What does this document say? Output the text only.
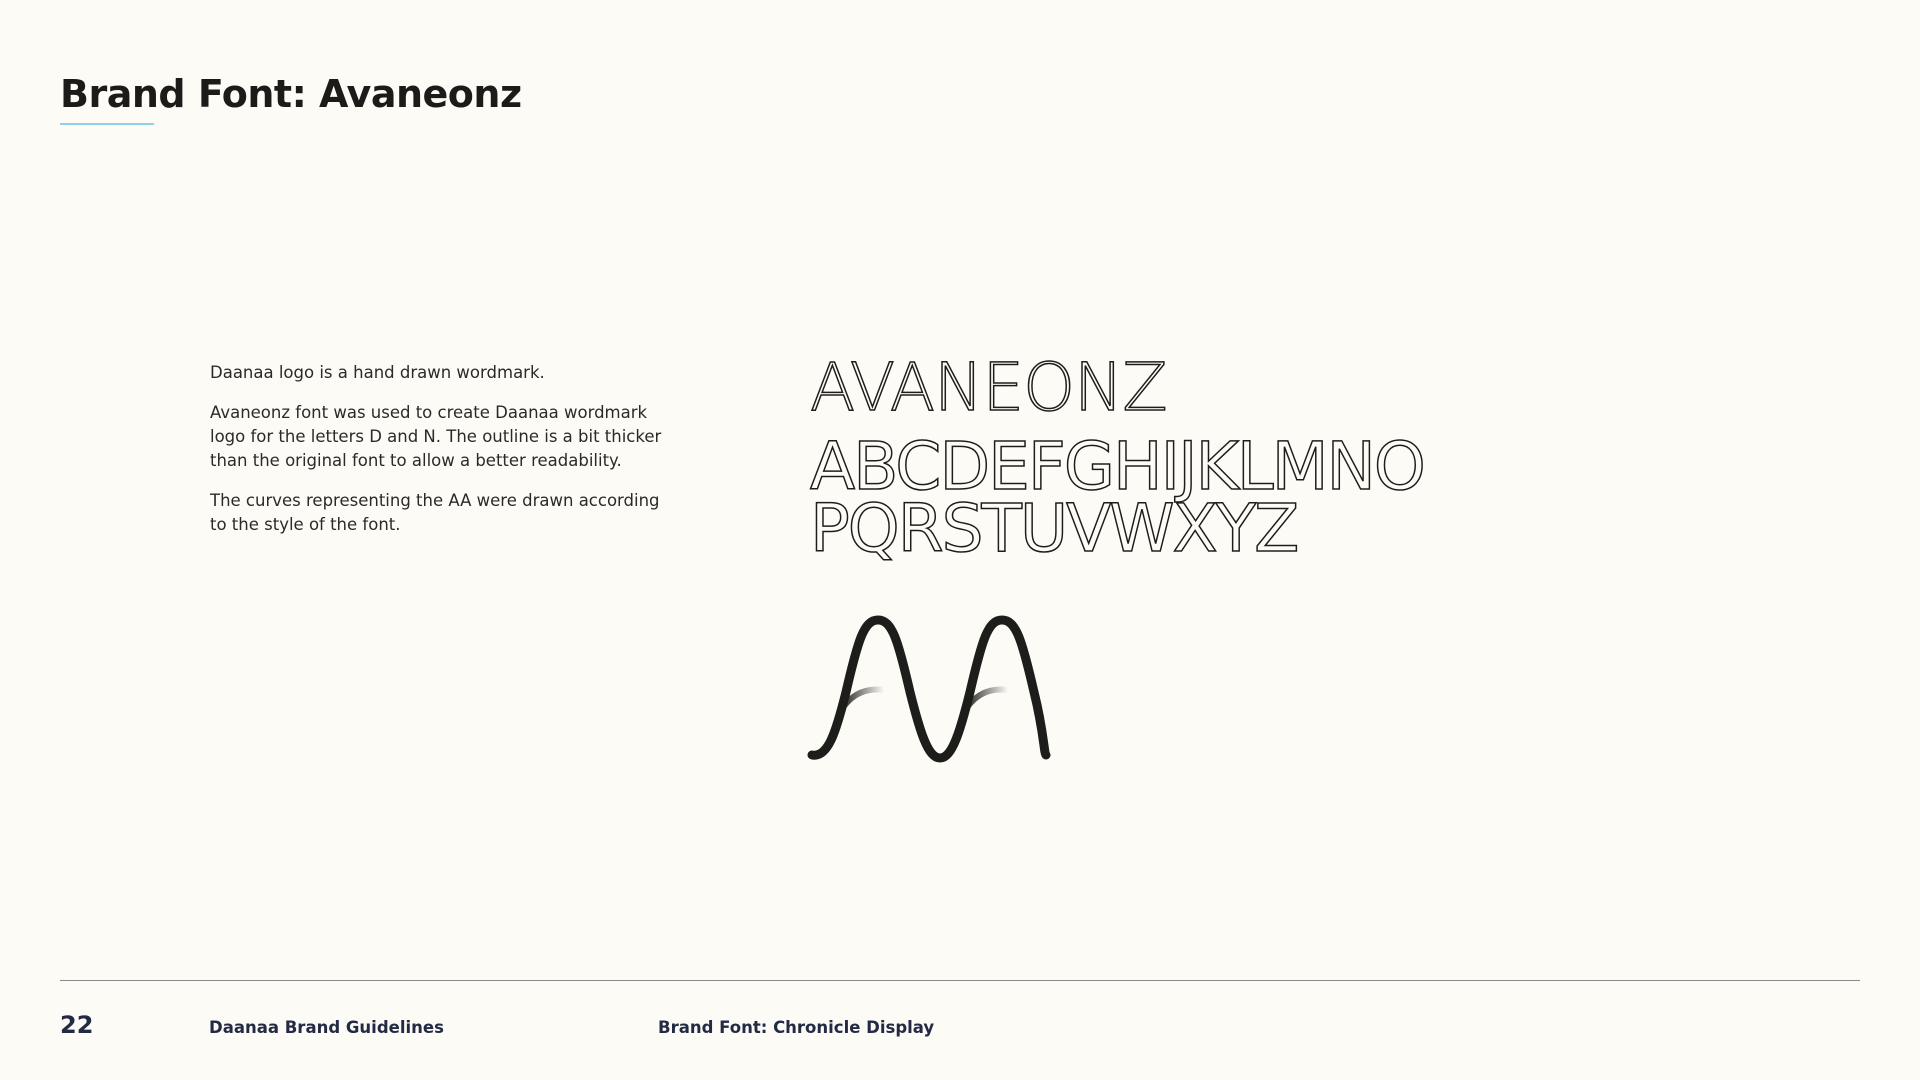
Brand Font: Avaneonz

Daanaa logo is a hand drawn wordmark.

Avaneonz font was used to create Daanaa wordmark logo for the letters D and N. The outline is a bit thicker than the original font to allow a better readability.

The curves representing the AA were drawn according to the style of the font.

AVANEONZ
ABCDEFGHIJKLMNO
PQRSTUVWXYZ
22	Daanaa Brand Guidelines	Brand Font: Chronicle Display
